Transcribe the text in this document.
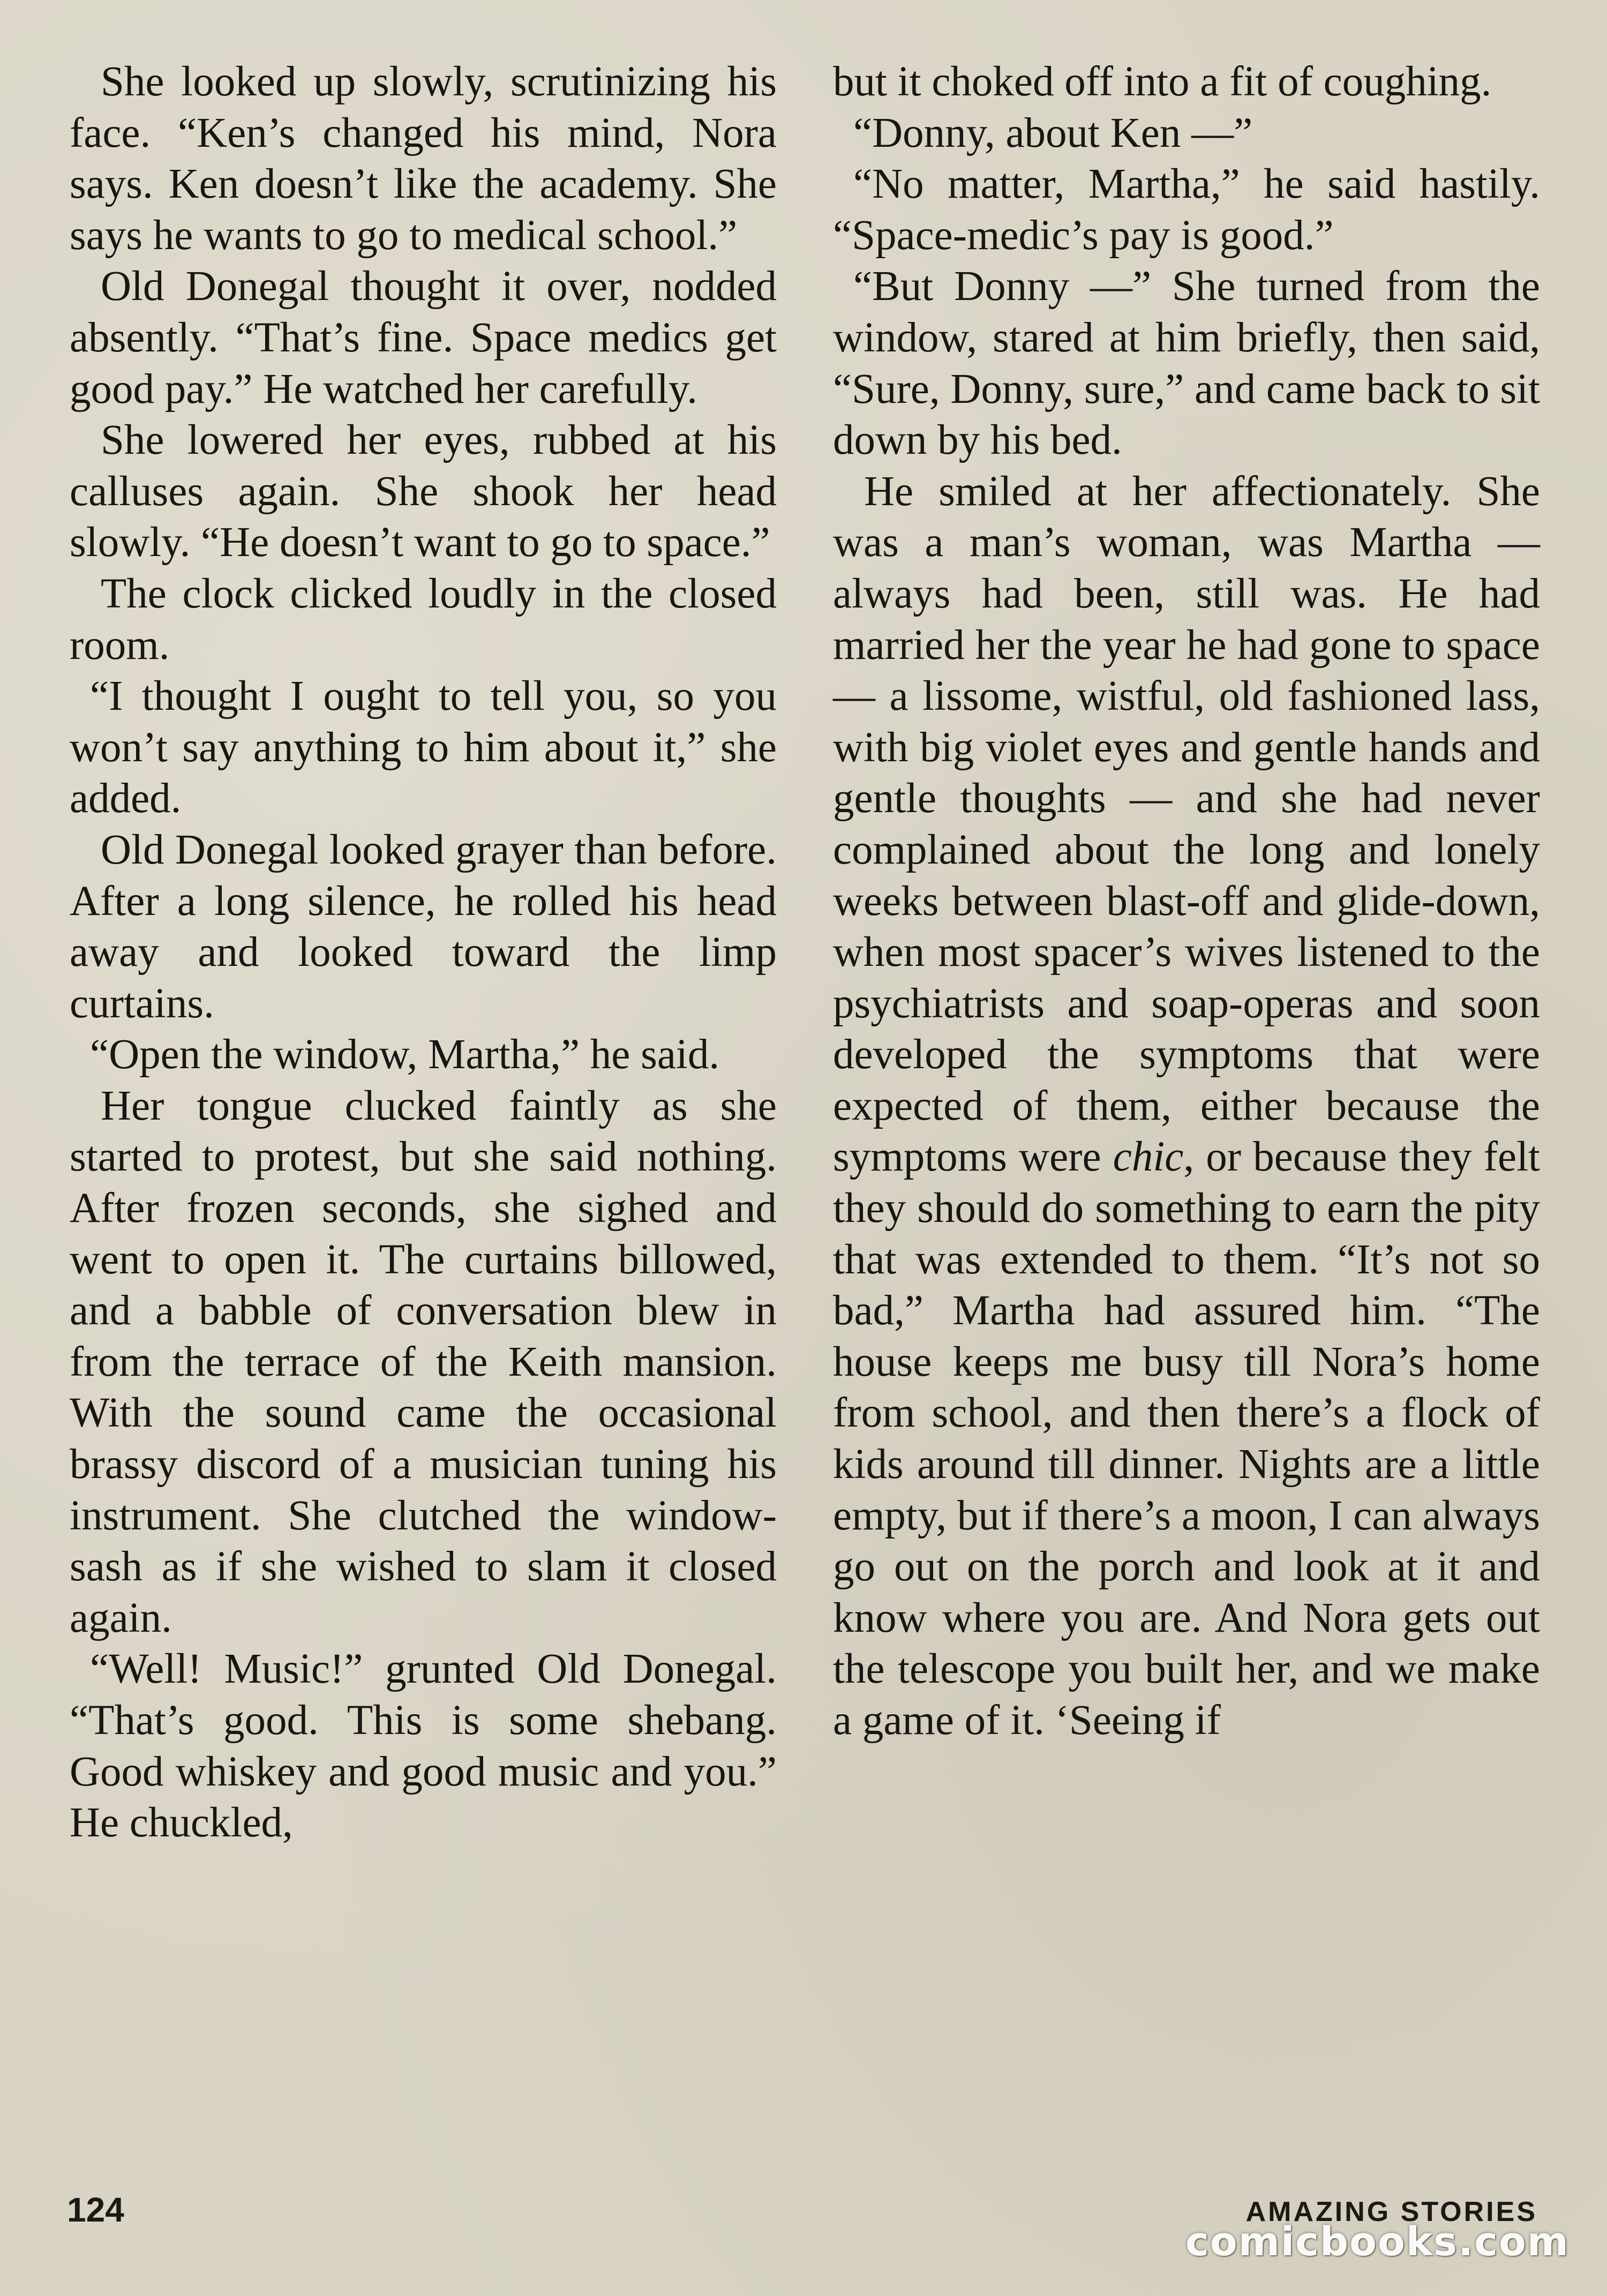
She looked up slowly, scrutinizing his face. “Ken’s changed his mind, Nora says. Ken doesn’t like the academy. She says he wants to go to medical school.”

Old Donegal thought it over, nodded absently. “That’s fine. Space medics get good pay.” He watched her carefully.

She lowered her eyes, rubbed at his calluses again. She shook her head slowly. “He doesn’t want to go to space.”

The clock clicked loudly in the closed room.

“I thought I ought to tell you, so you won’t say anything to him about it,” she added.

Old Donegal looked grayer than before. After a long silence, he rolled his head away and looked toward the limp curtains.

“Open the window, Martha,” he said.

Her tongue clucked faintly as she started to protest, but she said nothing. After frozen seconds, she sighed and went to open it. The curtains billowed, and a babble of conversation blew in from the terrace of the Keith mansion. With the sound came the occasional brassy discord of a musician tuning his instrument. She clutched the window-sash as if she wished to slam it closed again.

“Well! Music!” grunted Old Donegal. “That’s good. This is some shebang. Good whiskey and good music and you.” He chuckled,

but it choked off into a fit of coughing.

“Donny, about Ken —”

“No matter, Martha,” he said hastily. “Space-medic’s pay is good.”

“But Donny —” She turned from the window, stared at him briefly, then said, “Sure, Donny, sure,” and came back to sit down by his bed.

He smiled at her affectionately. She was a man’s woman, was Martha — always had been, still was. He had married her the year he had gone to space — a lissome, wistful, old fashioned lass, with big violet eyes and gentle hands and gentle thoughts — and she had never complained about the long and lonely weeks between blast-off and glide-down, when most spacer’s wives listened to the psychiatrists and soap-operas and soon developed the symptoms that were expected of them, either because the symptoms were chic, or because they felt they should do something to earn the pity that was extended to them. “It’s not so bad,” Martha had assured him. “The house keeps me busy till Nora’s home from school, and then there’s a flock of kids around till dinner. Nights are a little empty, but if there’s a moon, I can always go out on the porch and look at it and know where you are. And Nora gets out the telescope you built her, and we make a game of it. ‘Seeing if

124	AMAZING STORIES
comicbooks.com
